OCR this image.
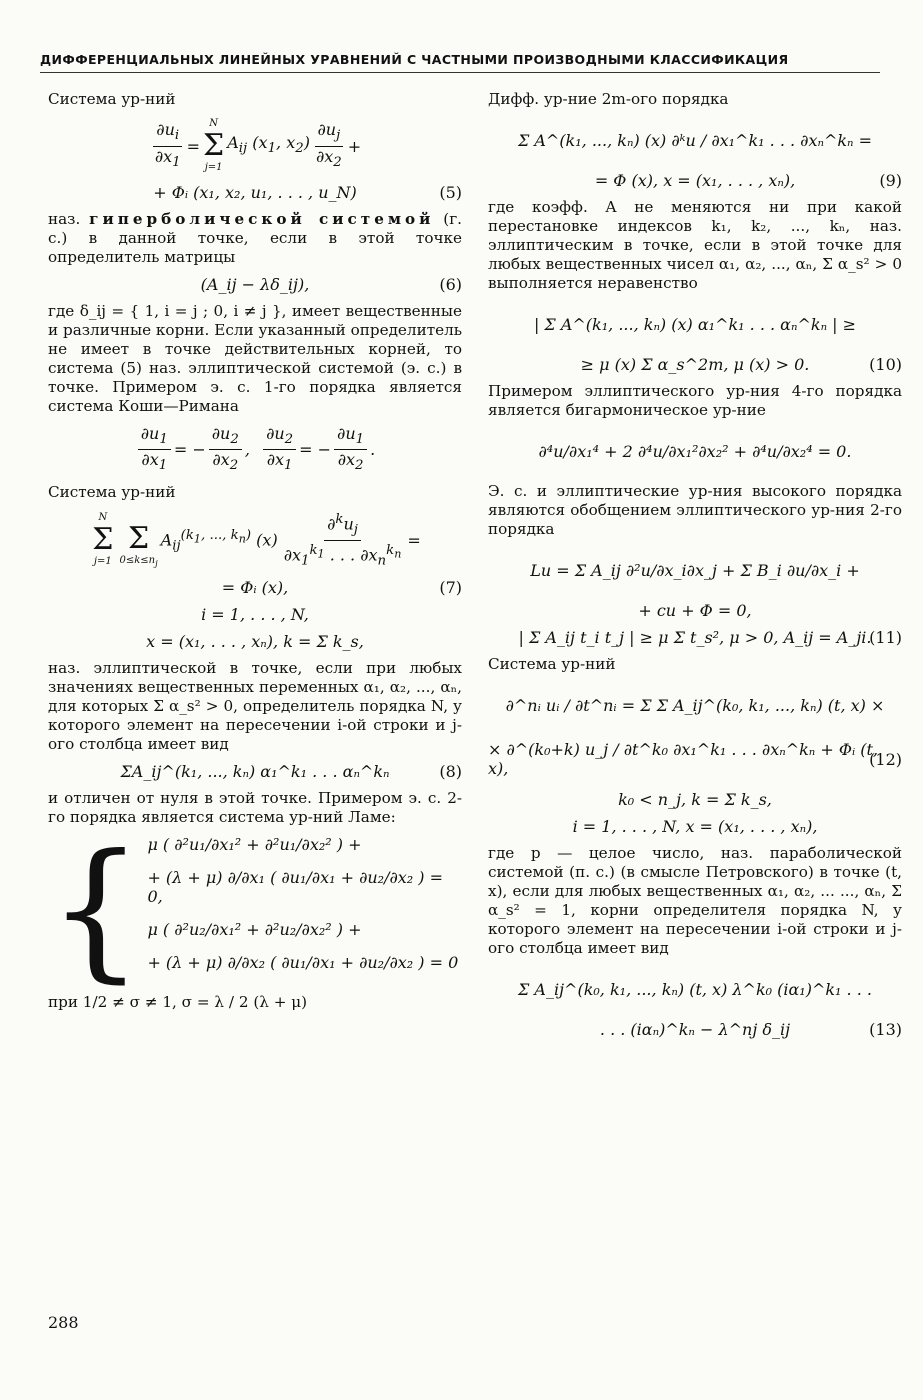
ДИФФЕРЕНЦИАЛЬНЫХ ЛИНЕЙНЫХ УРАВНЕНИЙ С ЧАСТНЫМИ ПРОИЗВОДНЫМИ КЛАССИФИКАЦИЯ

Система ур-ний

$\frac{\partial u_i}{\partial x_1}$ =
N
Σ
j=1
$A_{ij}$ ($x_1$, $x_2) \frac{\partial u_j}{\partial x_2}$ +
+ Φᵢ (x₁, x₂, u₁, . . . , u_N)	(5)

наз. гиперболической системой (г. с.) в данной точке, если в этой точке определитель матрицы

(A_ij − λδ_ij),	(6)

где δ_ij = { 1, i = j ; 0, i ≠ j }, имеет вещественные и различные корни. Если указанный определитель не имеет в точке действительных корней, то система (5) наз. эллиптической системой (э. с.) в точке. Примером э. с. 1-го порядка является система Коши—Римана

$\frac{\partial u_1}{\partial x_1}$ = − $\frac{\partial u_2}{\partial x_2}$ , $\frac{\partial u_2}{\partial x_1}$ = − $\frac{\partial u_1}{\partial x_2}$ .

Система ур-ний

N
Σ
j=1

Σ
$0\le k\le n_j$
$A_{ij}^{(k_1, ..., k_n)}$ $(x) \frac{\partial^ku_j}{\partial x_1^{k_1} . . . \partial x_n^{k_n}}$ =
= Φᵢ (x),	(7)
i = 1, . . . , N,
x = (x₁, . . . , xₙ), k = Σ k_s,

наз. эллиптической в точке, если при любых значениях вещественных переменных α₁, α₂, ..., αₙ, для которых Σ α_s² > 0, определитель порядка N, у которого элемент на пересечении i-ой строки и j-ого столбца имеет вид

ΣA_ij^(k₁, ..., kₙ) α₁^k₁ . . . αₙ^kₙ	(8)

и отличен от нуля в этой точке. Примером э. с. 2-го порядка является система ур-ний Ламе:

{ μ ( ∂²u₁/∂x₁² + ∂²u₁/∂x₂² ) +
+ (λ + μ) ∂/∂x₁ ( ∂u₁/∂x₁ + ∂u₂/∂x₂ ) = 0,
μ ( ∂²u₂/∂x₁² + ∂²u₂/∂x₂² ) +
+ (λ + μ) ∂/∂x₂ ( ∂u₁/∂x₁ + ∂u₂/∂x₂ ) = 0

при 1/2 ≠ σ ≠ 1, σ = λ / 2 (λ + μ)

Дифф. ур-ние 2m-ого порядка

Σ A^(k₁, ..., kₙ) (x) ∂ᵏu / ∂x₁^k₁ . . . ∂xₙ^kₙ =
= Φ (x), x = (x₁, . . . , xₙ),	(9)

где коэфф. A не меняются ни при какой перестановке индексов k₁, k₂, ..., kₙ, наз. эллиптическим в точке, если в этой точке для любых вещественных чисел α₁, α₂, ..., αₙ, Σ α_s² > 0 выполняется неравенство

| Σ A^(k₁, ..., kₙ) (x) α₁^k₁ . . . αₙ^kₙ | ≥
≥ μ (x) Σ α_s^2m, μ (x) > 0.	(10)

Примером эллиптического ур-ния 4-го порядка является бигармоническое ур-ние

∂⁴u/∂x₁⁴ + 2 ∂⁴u/∂x₁²∂x₂² + ∂⁴u/∂x₂⁴ = 0.

Э. с. и эллиптические ур-ния высокого порядка являются обобщением эллиптического ур-ния 2-го порядка

Lu = Σ A_ij ∂²u/∂x_i∂x_j + Σ B_i ∂u/∂x_i +
+ cu + Φ = 0,
| Σ A_ij t_i t_j | ≥ μ Σ t_s², μ > 0, A_ij = A_ji.
(11)

Система ур-ний

∂^nᵢ uᵢ / ∂t^nᵢ = Σ Σ A_ij^(k₀, k₁, ..., kₙ) (t, x) ×
× ∂^(k₀+k) u_j / ∂t^k₀ ∂x₁^k₁ . . . ∂xₙ^kₙ + Φᵢ (t, x),	(12)
k₀ < n_j, k = Σ k_s,
i = 1, . . . , N, x = (x₁, . . . , xₙ),

где p — целое число, наз. параболической системой (п. с.) (в смысле Петровского) в точке (t, x), если для любых вещественных α₁, α₂, ... ..., αₙ, Σ α_s² = 1, корни определителя порядка N, у которого элемент на пересечении i-ой строки и j-ого столбца имеет вид

Σ A_ij^(k₀, k₁, ..., kₙ) (t, x) λ^k₀ (iα₁)^k₁ . . .
. . . (iαₙ)^kₙ − λ^nj δ_ij	(13)
288
